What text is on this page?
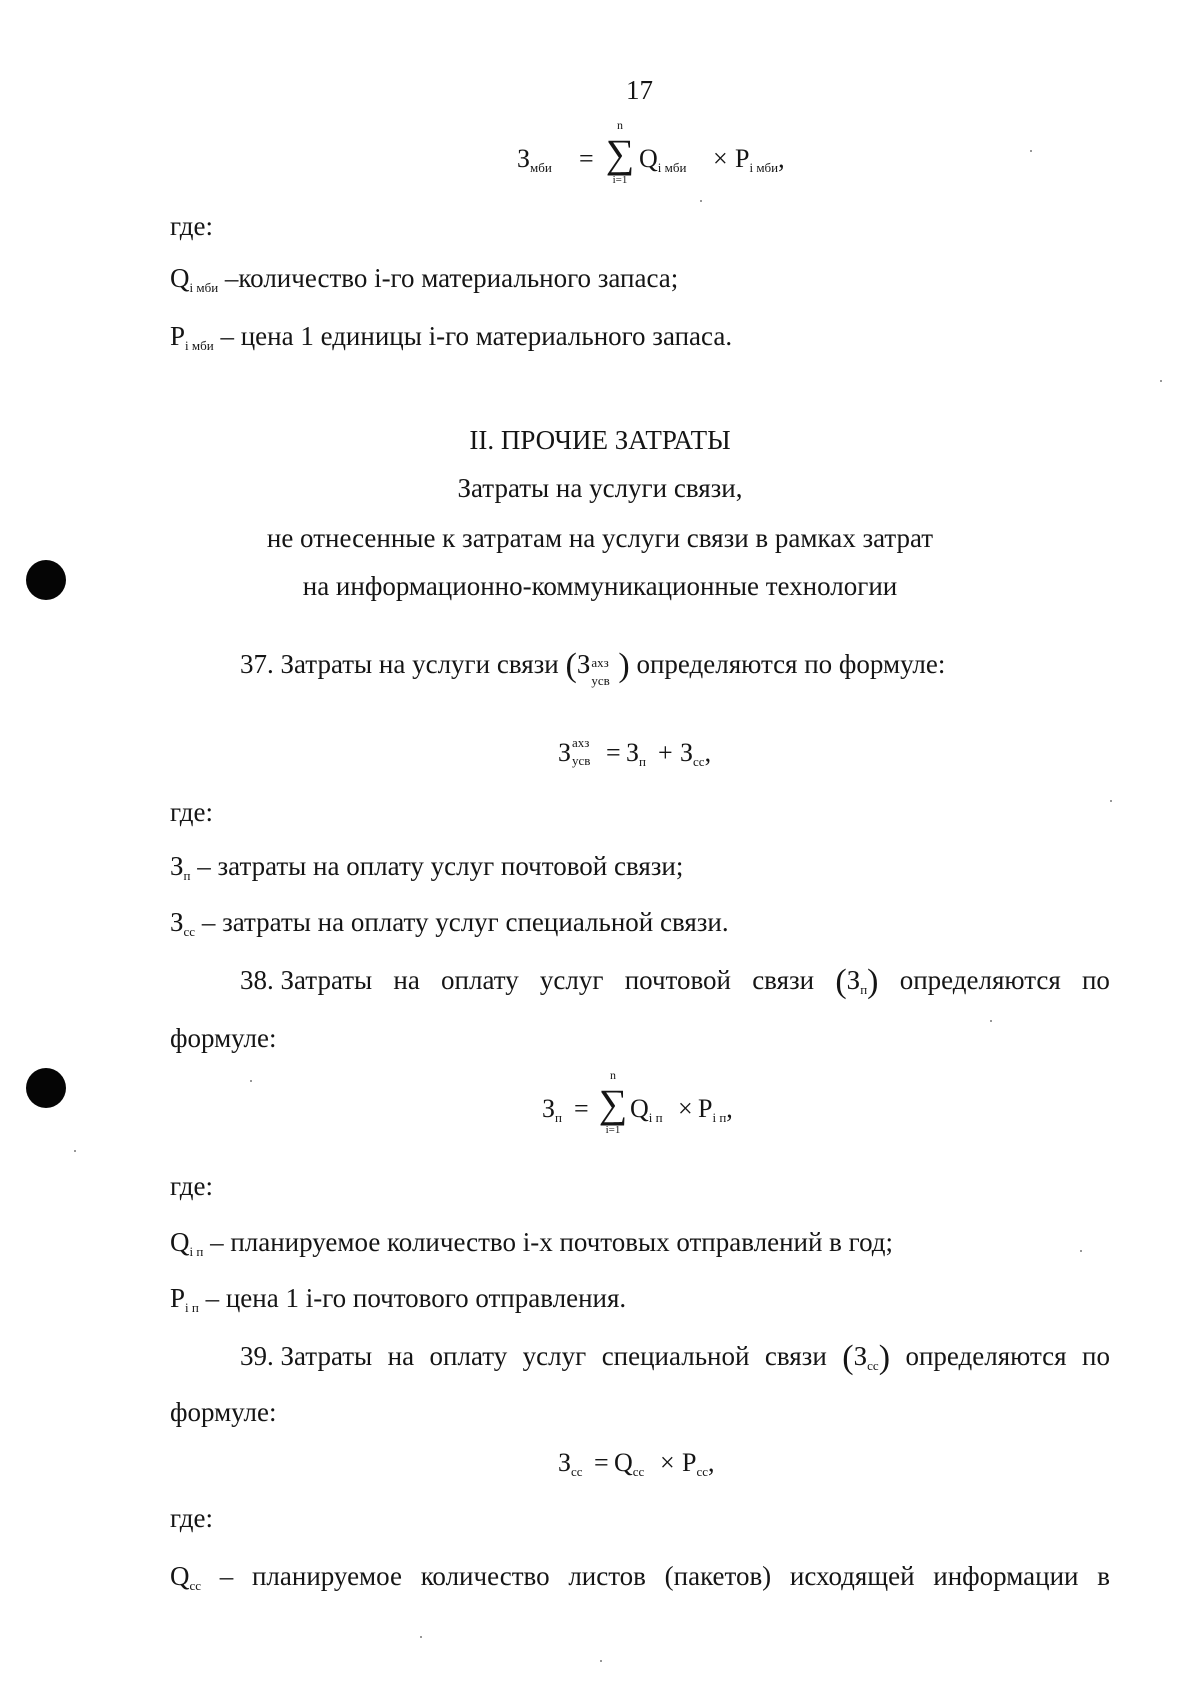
17
$З_{мби}$ =
n
∑
i=1
$Q_{i мби} \times P_{i мби}$,
где:
$Q_{i мби}$ –количество i-го материального запаса;
$P_{i мби}$ – цена 1 единицы i-го материального запаса.
II. ПРОЧИЕ ЗАТРАТЫ
Затраты на услуги связи,
не отнесенные к затратам на услуги связи в рамках затрат
на информационно-коммуникационные технологии
37. Затраты на услуги связи (З axз
усв ) определяются по формуле:
З axз
усв = $З_п + З_{сс}$,
где:
$З_п$ – затраты на оплату услуг почтовой связи;
$З_{сс}$ – затраты на оплату услуг специальной связи.
38. Затраты на оплату услуг почтовой связи $(З_п)$ определяются по
формуле:
$З_п$ =
n
∑
i=1
$Q_{i п} \times P_{i п}$,
где:
$Q_{i п}$ – планируемое количество i-х почтовых отправлений в год;
$P_{i п}$ – цена 1 i-го почтового отправления.
39. Затраты на оплату услуг специальной связи $(З_{сс})$ определяются по
формуле:
$З_{сс} = Q_{сс} \times P_{сс}$,
где:
$Q_{сс}$ – планируемое количество листов (пакетов) исходящей информации в
